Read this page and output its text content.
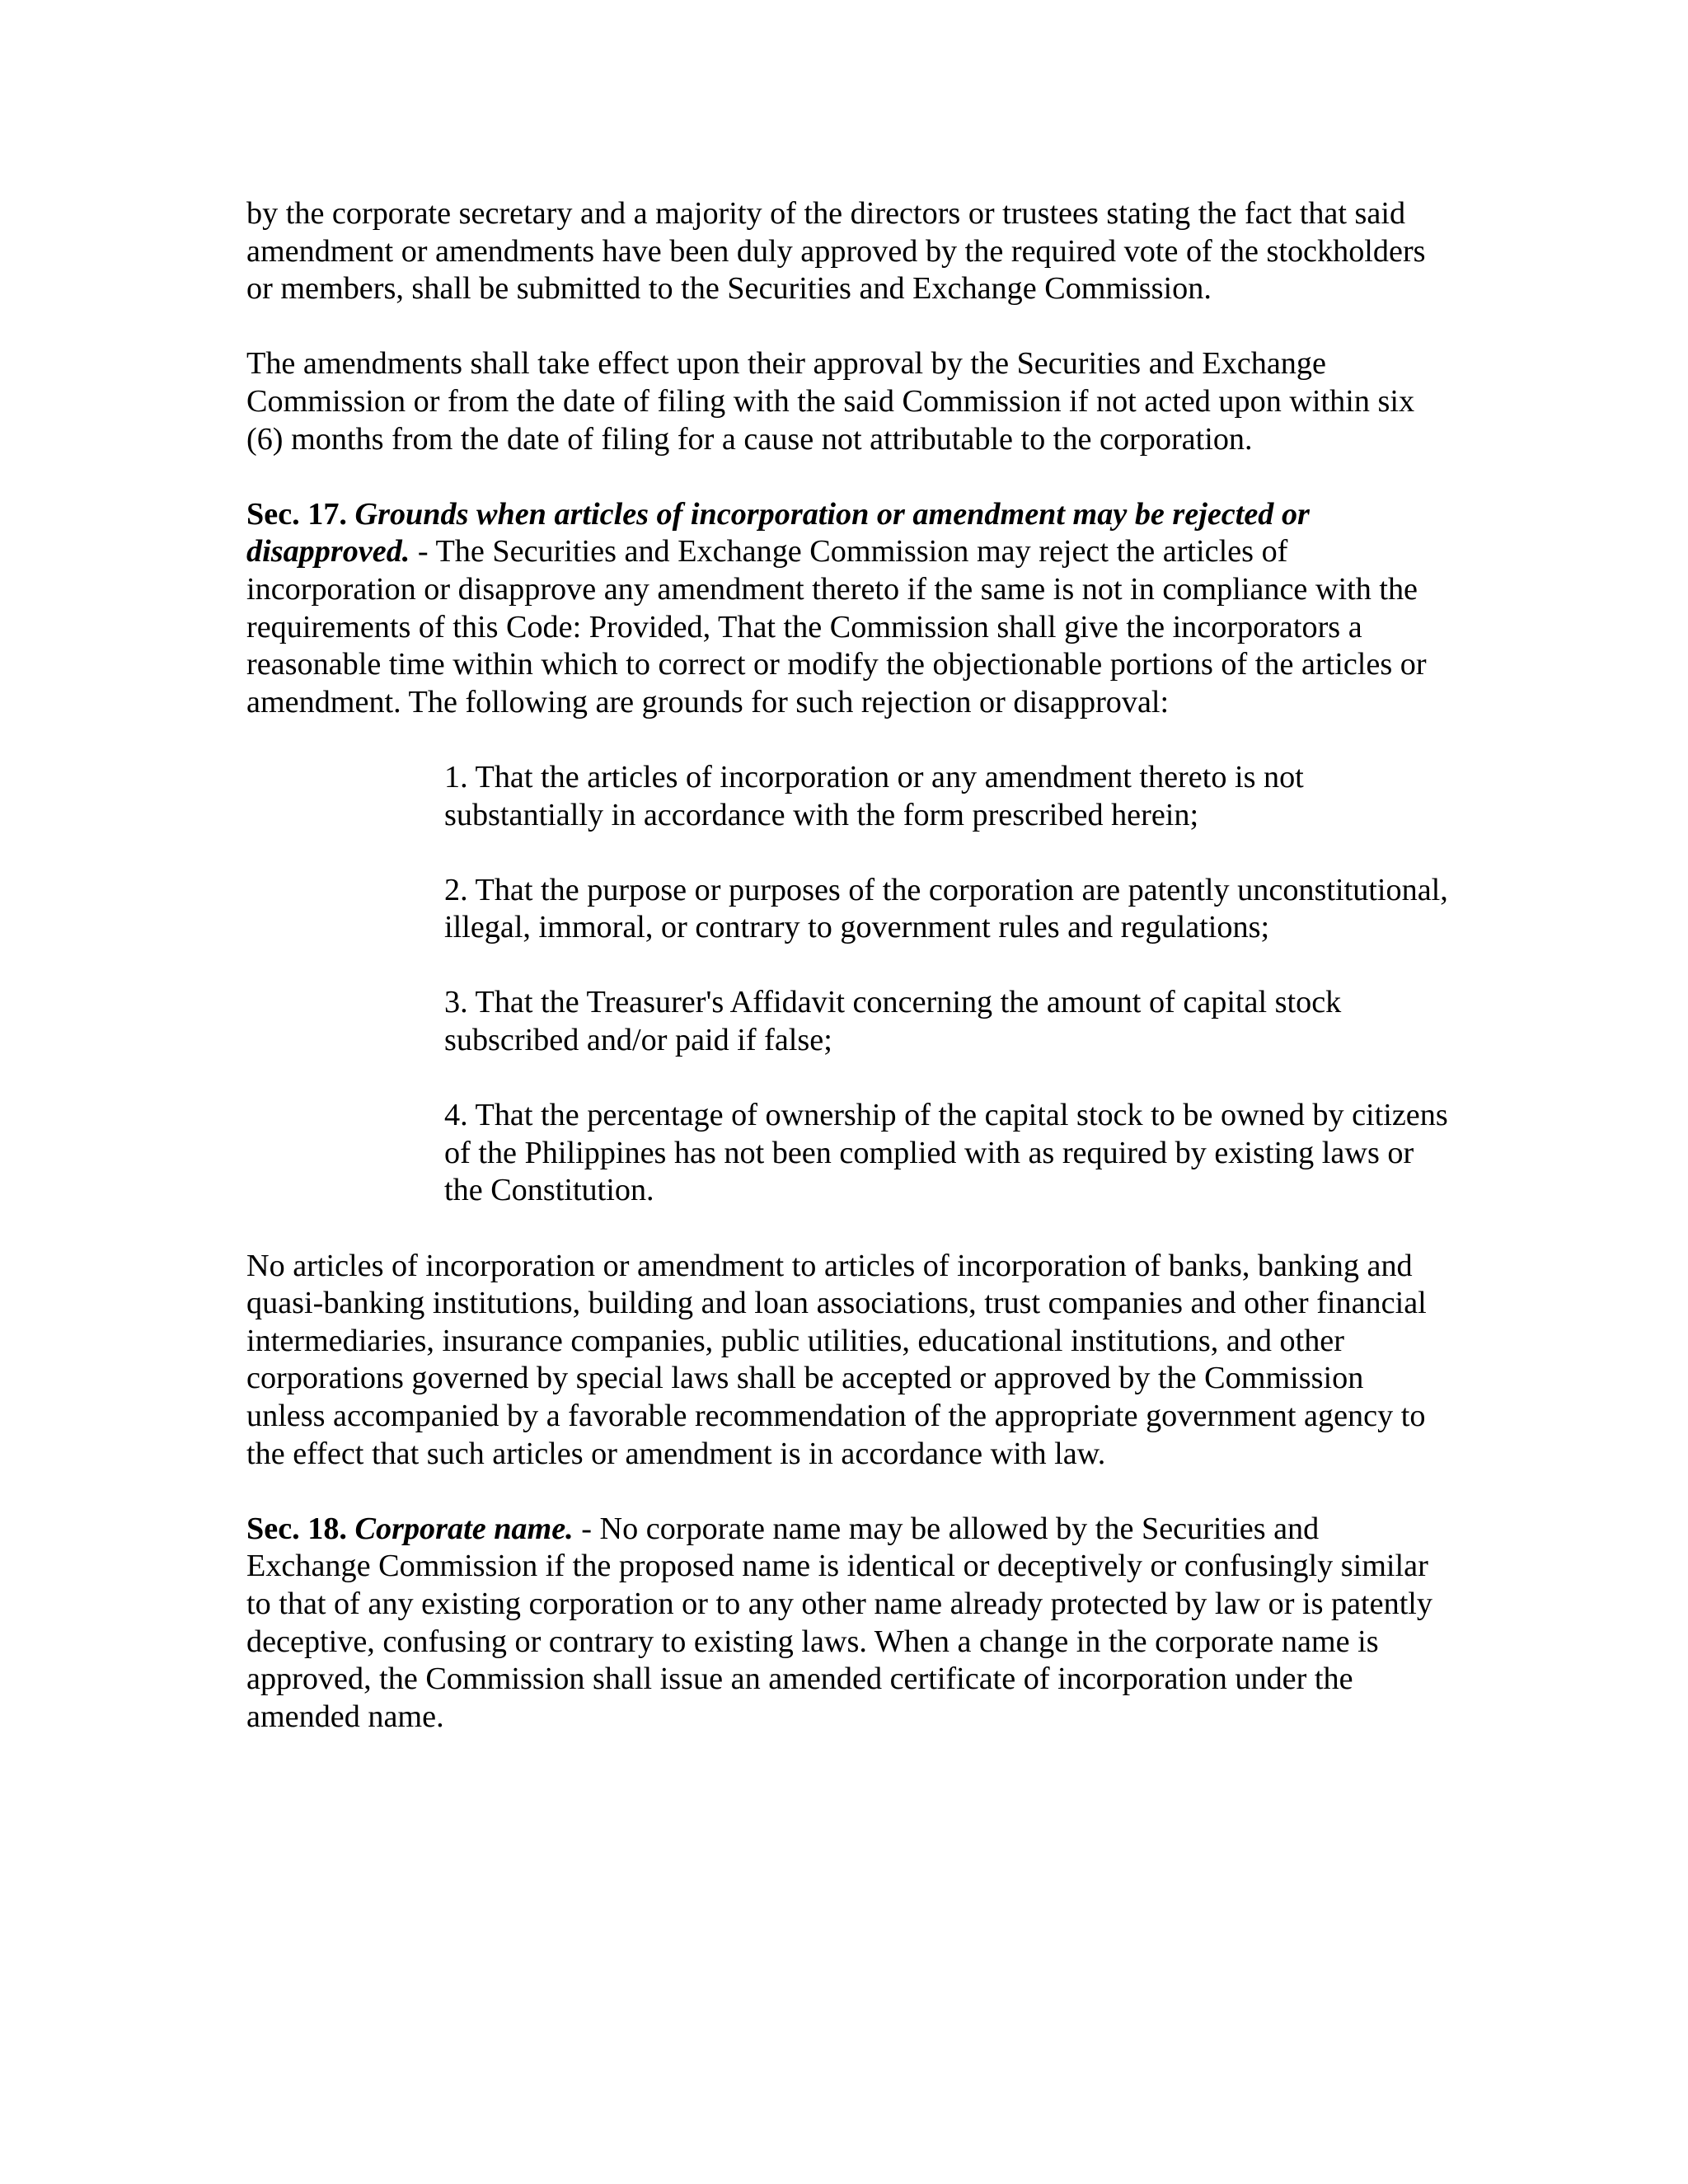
by the corporate secretary and a majority of the directors or trustees stating the fact that said amendment or amendments have been duly approved by the required vote of the stockholders or members, shall be submitted to the Securities and Exchange Commission.

The amendments shall take effect upon their approval by the Securities and Exchange Commission or from the date of filing with the said Commission if not acted upon within six (6) months from the date of filing for a cause not attributable to the corporation.

Sec. 17. Grounds when articles of incorporation or amendment may be rejected or disapproved. - The Securities and Exchange Commission may reject the articles of incorporation or disapprove any amendment thereto if the same is not in compliance with the requirements of this Code: Provided, That the Commission shall give the incorporators a reasonable time within which to correct or modify the objectionable portions of the articles or amendment. The following are grounds for such rejection or disapproval:

1. That the articles of incorporation or any amendment thereto is not substantially in accordance with the form prescribed herein;
2. That the purpose or purposes of the corporation are patently unconstitutional, illegal, immoral, or contrary to government rules and regulations;
3. That the Treasurer's Affidavit concerning the amount of capital stock subscribed and/or paid if false;
4. That the percentage of ownership of the capital stock to be owned by citizens of the Philippines has not been complied with as required by existing laws or the Constitution.

No articles of incorporation or amendment to articles of incorporation of banks, banking and quasi-banking institutions, building and loan associations, trust companies and other financial intermediaries, insurance companies, public utilities, educational institutions, and other corporations governed by special laws shall be accepted or approved by the Commission unless accompanied by a favorable recommendation of the appropriate government agency to the effect that such articles or amendment is in accordance with law.

Sec. 18. Corporate name. - No corporate name may be allowed by the Securities and Exchange Commission if the proposed name is identical or deceptively or confusingly similar to that of any existing corporation or to any other name already protected by law or is patently deceptive, confusing or contrary to existing laws. When a change in the corporate name is approved, the Commission shall issue an amended certificate of incorporation under the amended name.
